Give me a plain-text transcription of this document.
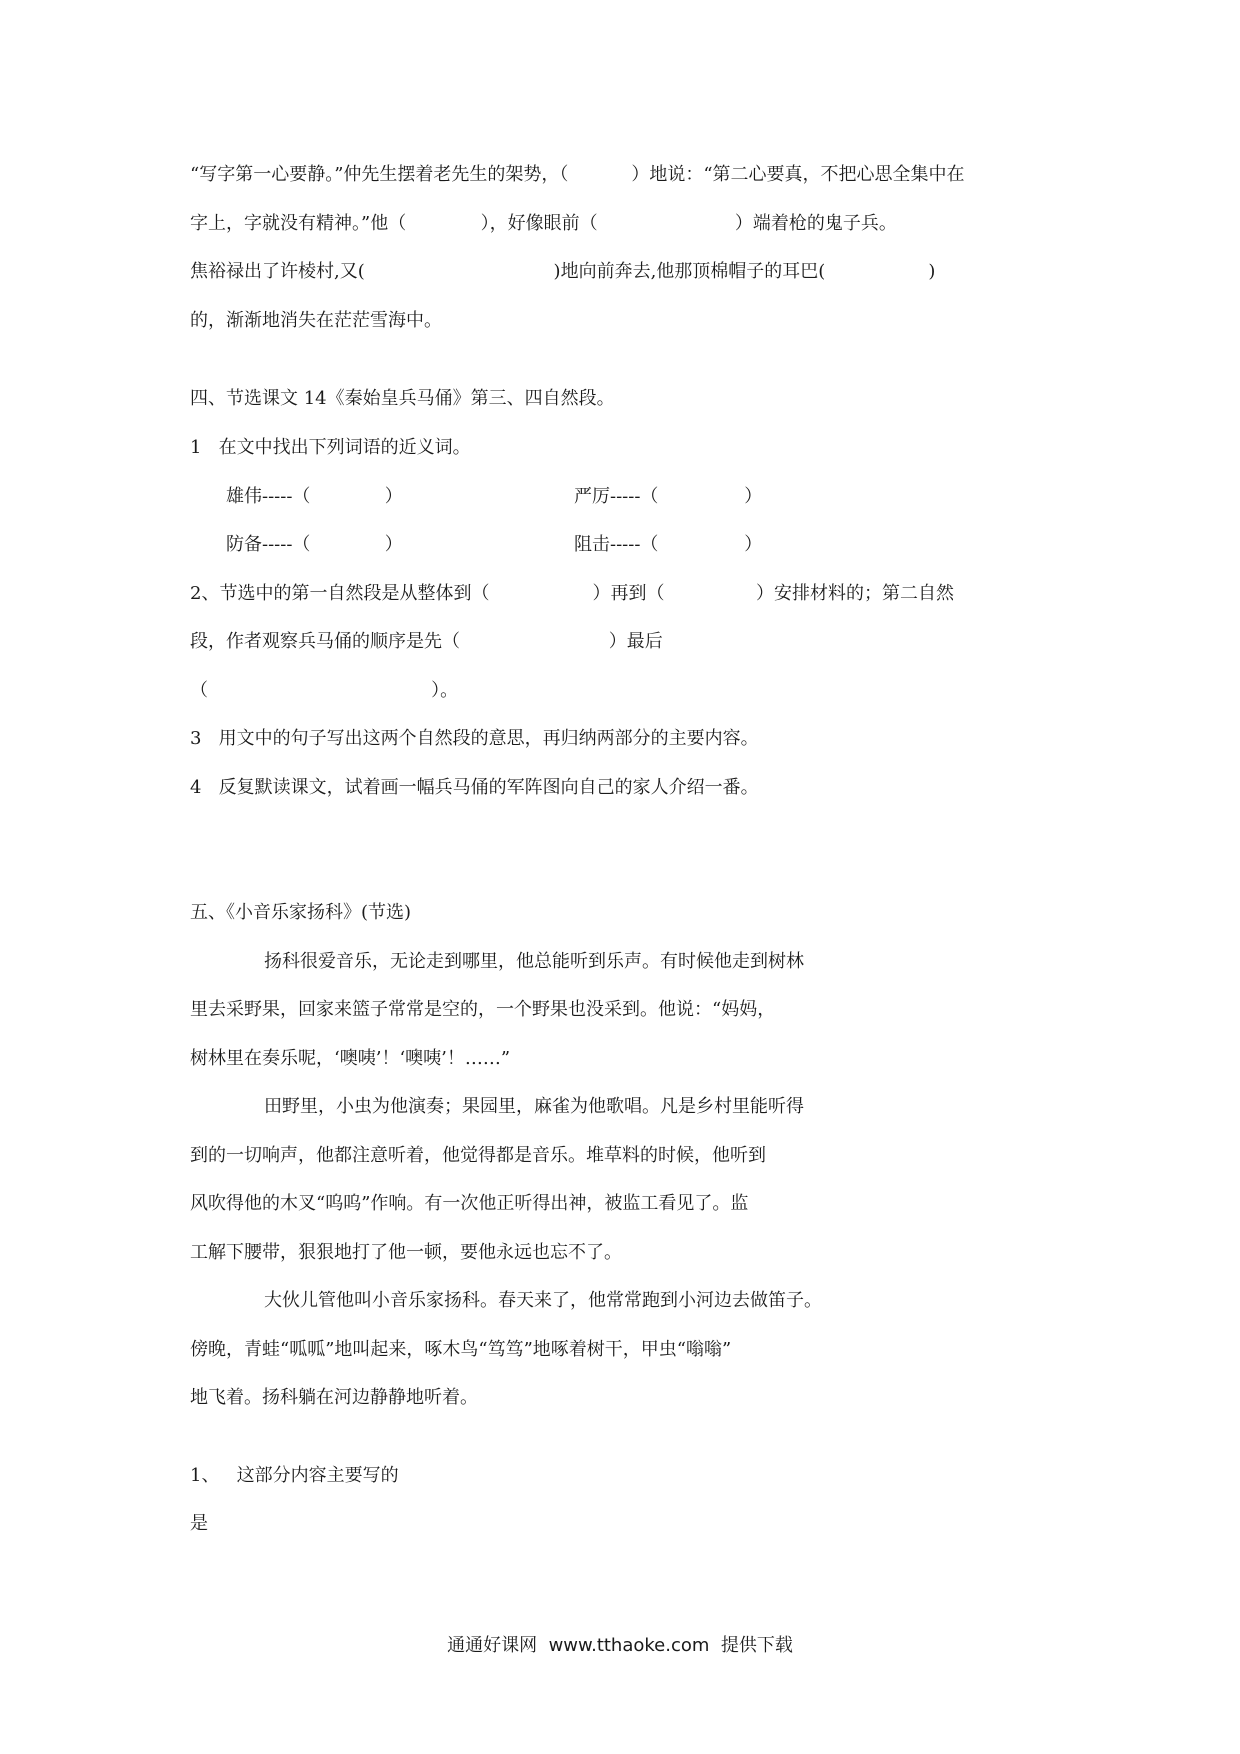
“写字第一心要静。”仲先生摆着老先生的架势，（           ）地说：“第二心要真，不把心思全集中在
字上，字就没有精神。”他（             ），好像眼前（                        ）端着枪的鬼子兵。
焦裕禄出了许棱村,又(                                 )地向前奔去,他那顶棉帽子的耳巴(                  )
的，渐渐地消失在茫茫雪海中。
四、节选课文 14《秦始皇兵马俑》第三、四自然段。
1   在文中找出下列词语的近义词。
雄伟-----（             ）	严厉-----（               ）
防备-----（             ）	阻击-----（               ）
2、节选中的第一自然段是从整体到（                  ）再到（                ）安排材料的；第二自然
段，作者观察兵马俑的顺序是先（                          ）最后
（                                       ）。
3   用文中的句子写出这两个自然段的意思，再归纳两部分的主要内容。
4   反复默读课文，试着画一幅兵马俑的军阵图向自己的家人介绍一番。
五、《小音乐家扬科》(节选)
扬科很爱音乐，无论走到哪里，他总能听到乐声。有时候他走到树林
里去采野果，回家来篮子常常是空的，一个野果也没采到。他说：“妈妈，
树林里在奏乐呢，‘噢咦’！‘噢咦’！……”
田野里，小虫为他演奏；果园里，麻雀为他歌唱。凡是乡村里能听得
到的一切响声，他都注意听着，他觉得都是音乐。堆草料的时候，他听到
风吹得他的木叉“呜呜”作响。有一次他正听得出神，被监工看见了。监
工解下腰带，狠狠地打了他一顿，要他永远也忘不了。
大伙儿管他叫小音乐家扬科。春天来了，他常常跑到小河边去做笛子。
傍晚，青蛙“呱呱”地叫起来，啄木鸟“笃笃”地啄着树干，甲虫“嗡嗡”
地飞着。扬科躺在河边静静地听着。
1、   这部分内容主要写的
是
通通好课网  www.tthaoke.com  提供下载
